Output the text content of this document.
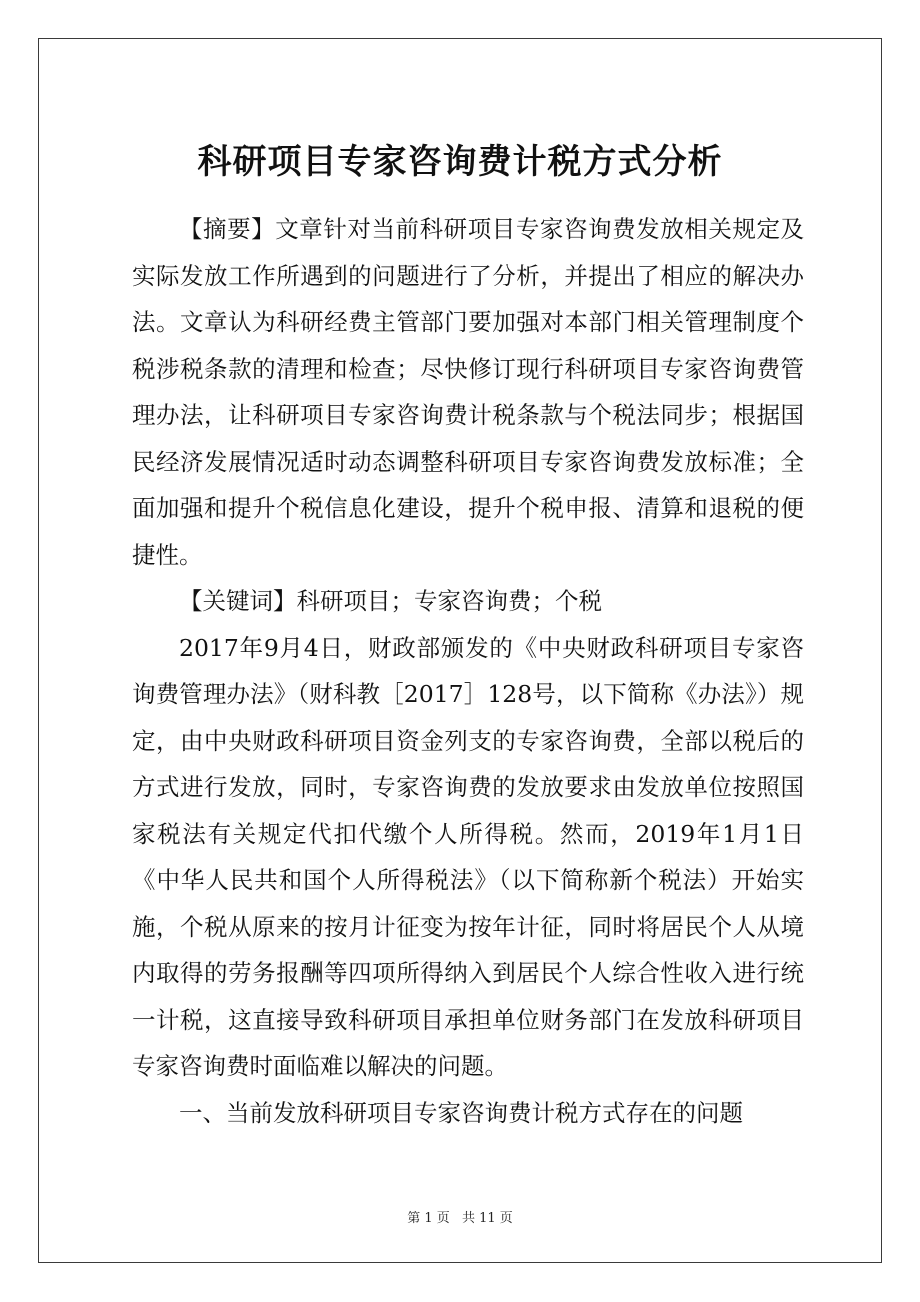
科研项目专家咨询费计税方式分析

【摘要】文章针对当前科研项目专家咨询费发放相关规定及实际发放工作所遇到的问题进行了分析，并提出了相应的解决办法。文章认为科研经费主管部门要加强对本部门相关管理制度个税涉税条款的清理和检查；尽快修订现行科研项目专家咨询费管理办法，让科研项目专家咨询费计税条款与个税法同步；根据国民经济发展情况适时动态调整科研项目专家咨询费发放标准；全面加强和提升个税信息化建设，提升个税申报、清算和退税的便捷性。

【关键词】科研项目；专家咨询费；个税

2017年9月4日，财政部颁发的《中央财政科研项目专家咨询费管理办法》（财科教［2017］128号，以下简称《办法》）规定，由中央财政科研项目资金列支的专家咨询费，全部以税后的方式进行发放，同时，专家咨询费的发放要求由发放单位按照国家税法有关规定代扣代缴个人所得税。然而，2019年1月1日《中华人民共和国个人所得税法》（以下简称新个税法）开始实施，个税从原来的按月计征变为按年计征，同时将居民个人从境内取得的劳务报酬等四项所得纳入到居民个人综合性收入进行统一计税，这直接导致科研项目承担单位财务部门在发放科研项目专家咨询费时面临难以解决的问题。

一、当前发放科研项目专家咨询费计税方式存在的问题

第 1 页 共 11 页
